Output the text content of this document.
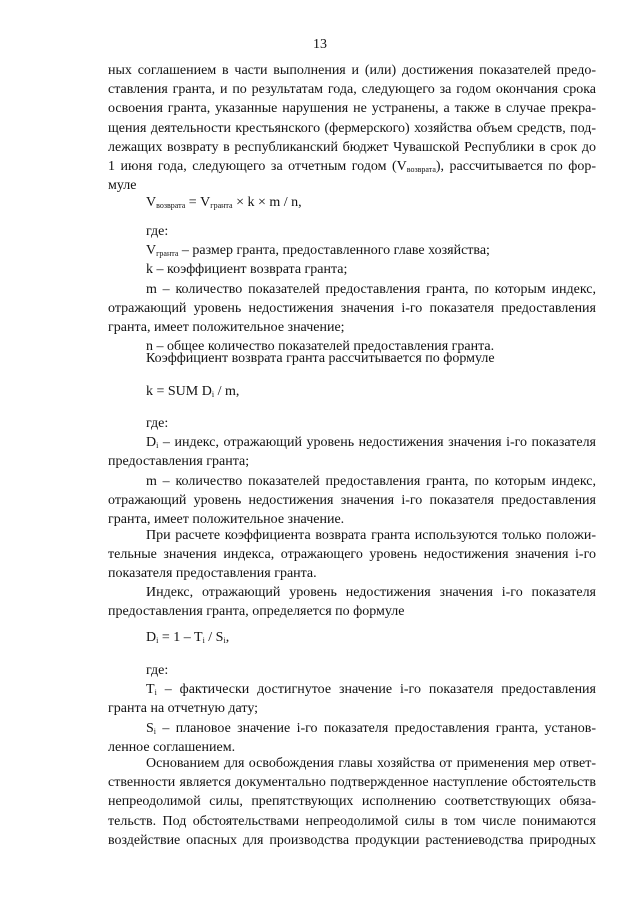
13
ных соглашением в части выполнения и (или) достижения показателей предо-
ставления гранта, и по результатам года, следующего за годом окончания срока
освоения гранта, указанные нарушения не устранены, а также в случае прекра-
щения деятельности крестьянского (фермерского) хозяйства объем средств, под-
лежащих возврату в республиканский бюджет Чувашской Республики в срок до
1 июня года, следующего за отчетным годом $(V_{возврата})$, рассчитывается по фор-
муле
$V_{возврата} = V_{гранта} \times k \times m / n$,
где:
$V_{гранта}$ – размер гранта, предоставленного главе хозяйства;
k – коэффициент возврата гранта;
m – количество показателей предоставления гранта, по которым индекс,
отражающий уровень недостижения значения i-го показателя предоставления
гранта, имеет положительное значение;
n – общее количество показателей предоставления гранта.
Коэффициент возврата гранта рассчитывается по формуле
k = SUM $D_i$ / m,
где:
$D_i$ – индекс, отражающий уровень недостижения значения i-го показателя
предоставления гранта;
m – количество показателей предоставления гранта, по которым индекс,
отражающий уровень недостижения значения i-го показателя предоставления
гранта, имеет положительное значение.
При расчете коэффициента возврата гранта используются только положи-
тельные значения индекса, отражающего уровень недостижения значения i-го
показателя предоставления гранта.
Индекс, отражающий уровень недостижения значения i-го показателя
предоставления гранта, определяется по формуле
$D_i = 1 - T_i / S_i$,
где:
$T_i$ – фактически достигнутое значение i-го показателя предоставления
гранта на отчетную дату;
$S_i$ – плановое значение i-го показателя предоставления гранта, установ-
ленное соглашением.
Основанием для освобождения главы хозяйства от применения мер ответ-
ственности является документально подтвержденное наступление обстоятельств
непреодолимой силы, препятствующих исполнению соответствующих обяза-
тельств. Под обстоятельствами непреодолимой силы в том числе понимаются
воздействие опасных для производства продукции растениеводства природных
